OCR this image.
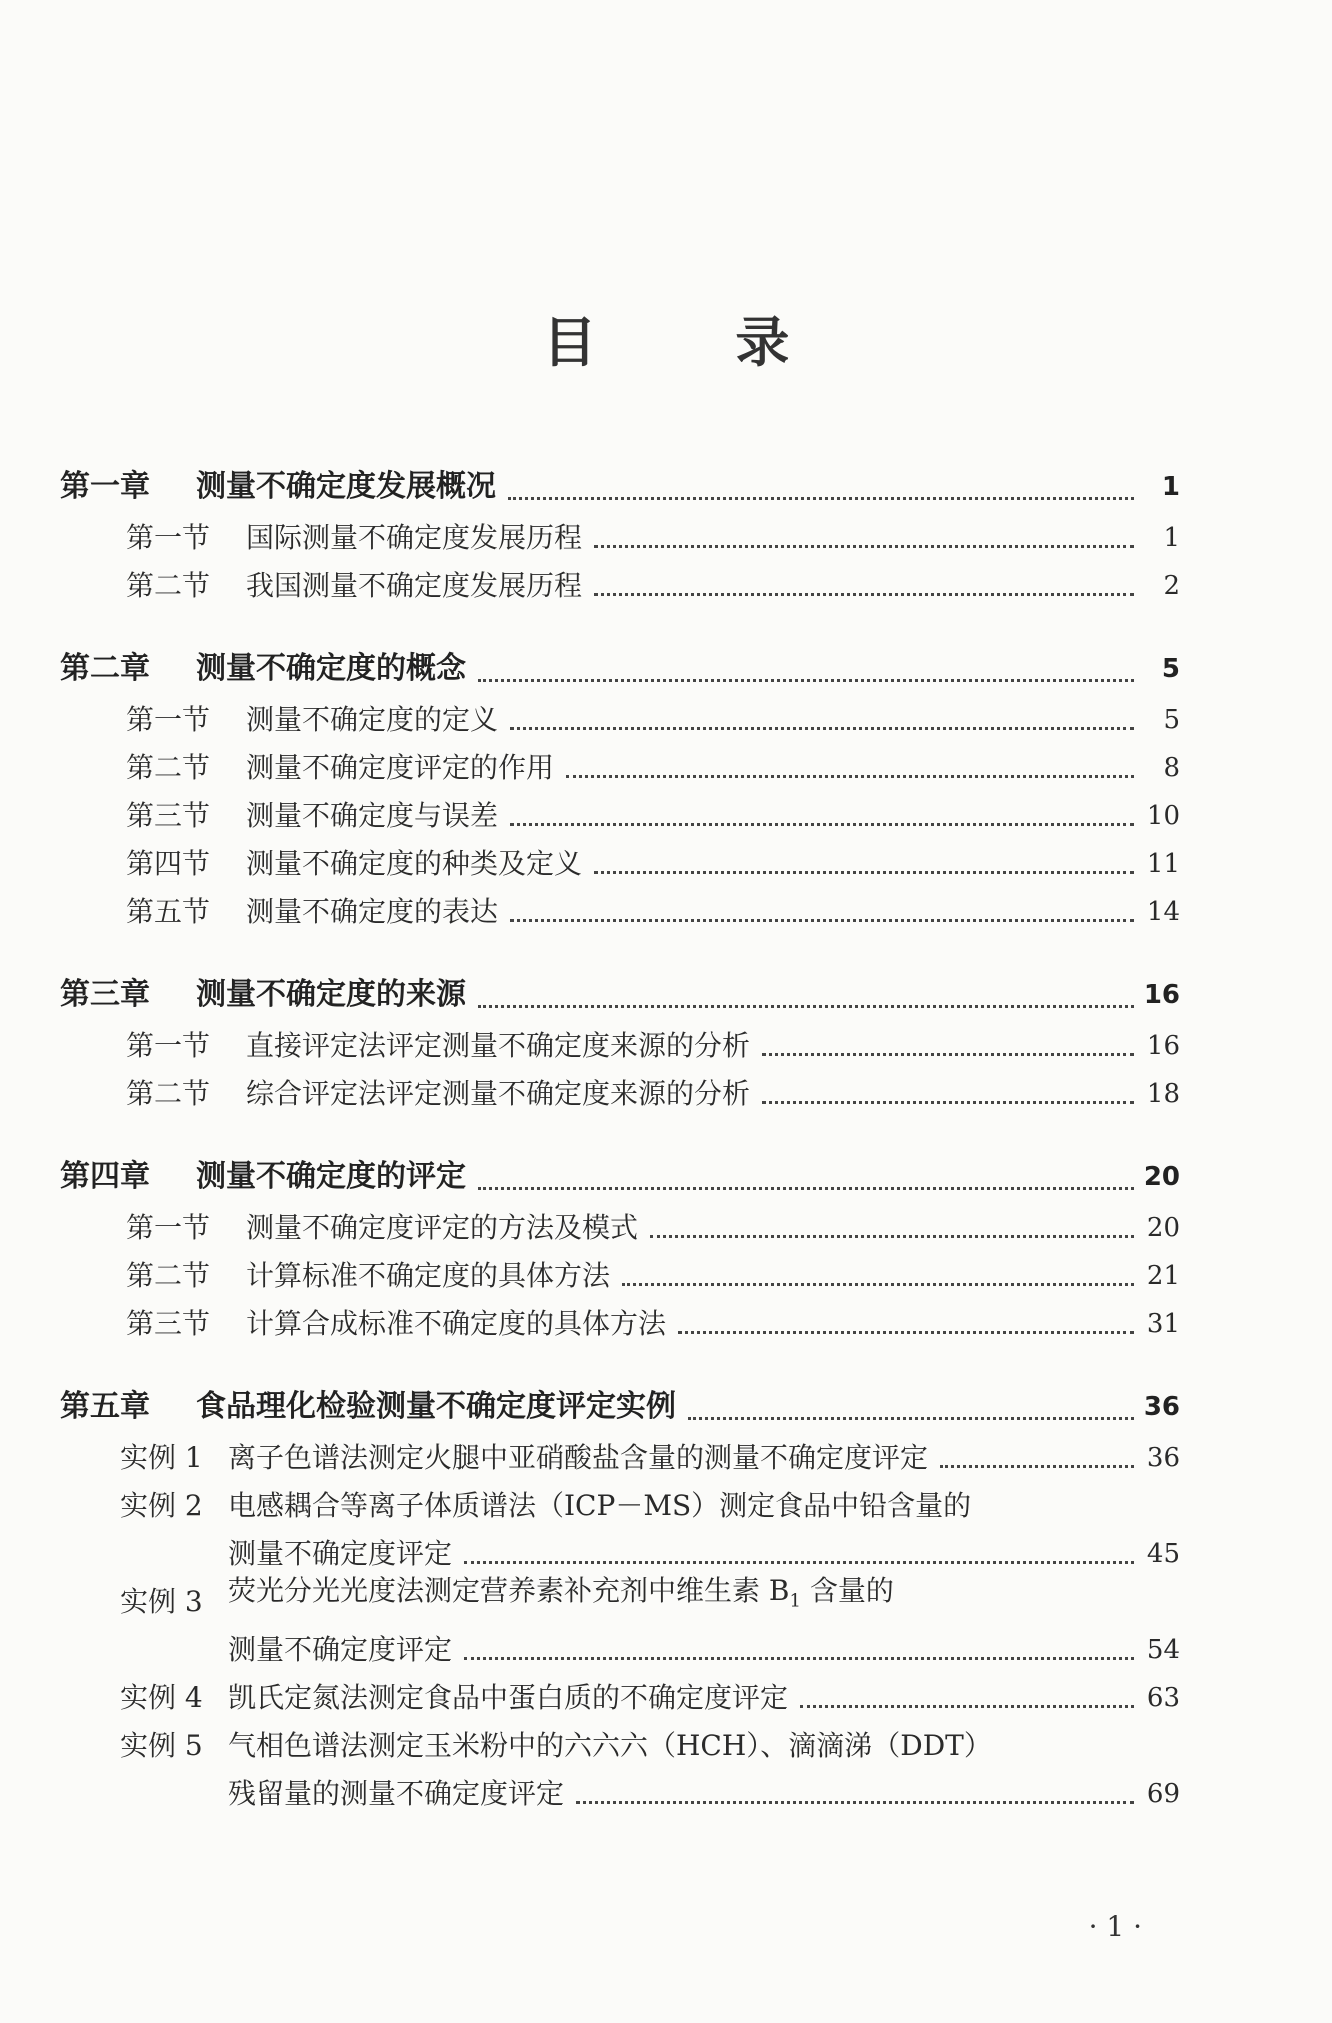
目 录
第一章	测量不确定度发展概况	1
第一节	国际测量不确定度发展历程	1
第二节	我国测量不确定度发展历程	2
第二章	测量不确定度的概念	5
第一节	测量不确定度的定义	5
第二节	测量不确定度评定的作用	8
第三节	测量不确定度与误差	10
第四节	测量不确定度的种类及定义	11
第五节	测量不确定度的表达	14
第三章	测量不确定度的来源	16
第一节	直接评定法评定测量不确定度来源的分析	16
第二节	综合评定法评定测量不确定度来源的分析	18
第四章	测量不确定度的评定	20
第一节	测量不确定度评定的方法及模式	20
第二节	计算标准不确定度的具体方法	21
第三节	计算合成标准不确定度的具体方法	31
第五章	食品理化检验测量不确定度评定实例	36
实例 1 离子色谱法测定火腿中亚硝酸盐含量的测量不确定度评定	36
实例 2 电感耦合等离子体质谱法（ICP－MS）测定食品中铅含量的
测量不确定度评定	45
实例 3 荧光分光光度法测定营养素补充剂中维生素 $B_1$ 含量的
测量不确定度评定	54
实例 4 凯氏定氮法测定食品中蛋白质的不确定度评定	63
实例 5 气相色谱法测定玉米粉中的六六六（HCH）、滴滴涕（DDT）
残留量的测量不确定度评定	69
· 1 ·
